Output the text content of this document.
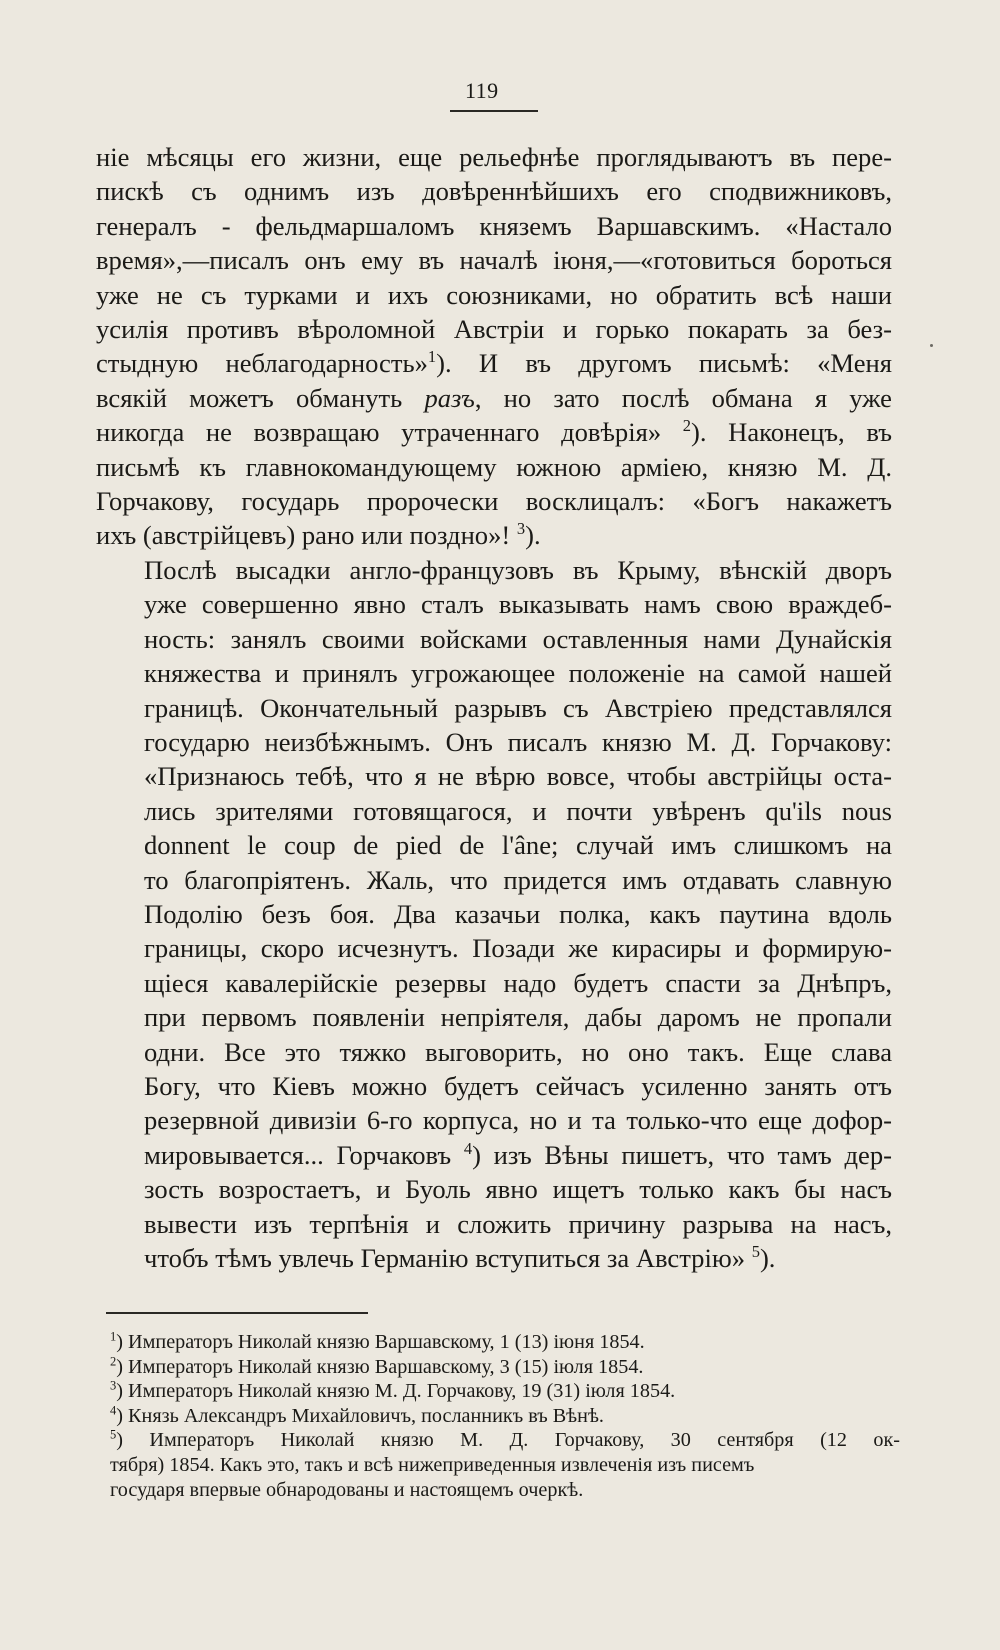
119
ніе мѣсяцы его жизни, еще рельефнѣе проглядываютъ въ пере-
пискѣ съ однимъ изъ довѣреннѣйшихъ его сподвижниковъ,
генералъ - фельдмаршаломъ княземъ Варшавскимъ. «Настало
время»,—писалъ онъ ему въ началѣ іюня,—«готовиться бороться
уже не съ турками и ихъ союзниками, но обратить всѣ наши
усилія противъ вѣроломной Австріи и горько покарать за без-
стыдную неблагодарность»$^1$). И въ другомъ письмѣ: «Меня
всякій можетъ обмануть разъ, но зато послѣ обмана я уже
никогда не возвращаю утраченнаго довѣрія» $^2$). Наконецъ, въ
письмѣ къ главнокомандующему южною арміею, князю М. Д.
Горчакову, государь пророчески восклицалъ: «Богъ накажетъ
ихъ (австрійцевъ) рано или поздно»! $^3$).
Послѣ высадки англо-французовъ въ Крыму, вѣнскій дворъ
уже совершенно явно сталъ выказывать намъ свою враждеб-
ность: занялъ своими войсками оставленныя нами Дунайскія
княжества и принялъ угрожающее положеніе на самой нашей
границѣ. Окончательный разрывъ съ Австріею представлялся
государю неизбѣжнымъ. Онъ писалъ князю М. Д. Горчакову:
«Признаюсь тебѣ, что я не вѣрю вовсе, чтобы австрійцы оста-
лись зрителями готовящагося, и почти увѣренъ qu'ils nous
donnent le coup de pied de l'âne; случай имъ слишкомъ на
то благопріятенъ. Жаль, что придется имъ отдавать славную
Подолію безъ боя. Два казачьи полка, какъ паутина вдоль
границы, скоро исчезнутъ. Позади же кирасиры и формирую-
щіеся кавалерійскіе резервы надо будетъ спасти за Днѣпръ,
при первомъ появленіи непріятеля, дабы даромъ не пропали
одни. Все это тяжко выговорить, но оно такъ. Еще слава
Богу, что Кіевъ можно будетъ сейчасъ усиленно занять отъ
резервной дивизіи 6-го корпуса, но и та только-что еще дофор-
мировывается... Горчаковъ $^4$) изъ Вѣны пишетъ, что тамъ дер-
зость возростаетъ, и Буоль явно ищетъ только какъ бы насъ
вывести изъ терпѣнія и сложить причину разрыва на насъ,
чтобъ тѣмъ увлечь Германію вступиться за Австрію» $^5$).
$^1$) Императоръ Николай князю Варшавскому, 1 (13) іюня 1854.
$^2$) Императоръ Николай князю Варшавскому, 3 (15) іюля 1854.
$^3$) Императоръ Николай князю М. Д. Горчакову, 19 (31) іюля 1854.
$^4$) Князь Александръ Михайловичъ, посланникъ въ Вѣнѣ.
$^5$) Императоръ Николай князю М. Д. Горчакову, 30 сентября (12 ок-
тября) 1854. Какъ это, такъ и всѣ нижеприведенныя извлеченія изъ писемъ
государя впервые обнародованы и настоящемъ очеркѣ.
